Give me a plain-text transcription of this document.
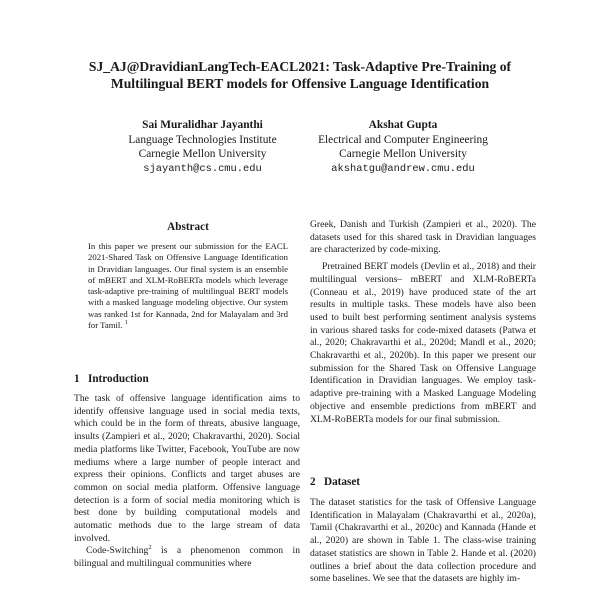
SJ_AJ@DravidianLangTech-EACL2021: Task-Adaptive Pre-Training of
Multilingual BERT models for Offensive Language Identification
Sai Muralidhar Jayanthi
Language Technologies Institute
Carnegie Mellon University
sjayanth@cs.cmu.edu
Akshat Gupta
Electrical and Computer Engineering
Carnegie Mellon University
akshatgu@andrew.cmu.edu
Abstract
In this paper we present our submission for the EACL 2021-Shared Task on Offensive Language Identification in Dravidian languages. Our final system is an ensemble of mBERT and XLM-RoBERTa models which leverage task-adaptive pre-training of multilingual BERT models with a masked language modeling objective. Our system was ranked 1st for Kannada, 2nd for Malayalam and 3rd for Tamil. $^1$
1   Introduction

The task of offensive language identification aims to identify offensive language used in social media texts, which could be in the form of threats, abusive language, insults (Zampieri et al., 2020; Chakravarthi, 2020). Social media platforms like Twitter, Facebook, YouTube are now mediums where a large number of people interact and express their opinions. Conflicts and target abuses are common on social media platform. Offensive language detection is a form of social media monitoring which is best done by building computational models and automatic methods due to the large stream of data involved.

Code-Switching$^2$ is a phenomenon common in bilingual and multilingual communities where

Greek, Danish and Turkish (Zampieri et al., 2020). The datasets used for this shared task in Dravidian languages are characterized by code-mixing.

Pretrained BERT models (Devlin et al., 2018) and their multilingual versions– mBERT and XLM-RoBERTa (Conneau et al., 2019) have produced state of the art results in multiple tasks. These models have also been used to built best performing sentiment analysis systems in various shared tasks for code-mixed datasets (Patwa et al., 2020; Chakravarthi et al., 2020d; Mandl et al., 2020; Chakravarthi et al., 2020b). In this paper we present our submission for the Shared Task on Offensive Language Identification in Dravidian languages. We employ task-adaptive pre-training with a Masked Language Modeling objective and ensemble predictions from mBERT and XLM-RoBERTa models for our final submission.

2   Dataset

The dataset statistics for the task of Offensive Language Identification in Malayalam (Chakravarthi et al., 2020a), Tamil (Chakravarthi et al., 2020c) and Kannada (Hande et al., 2020) are shown in Table 1. The class-wise training dataset statistics are shown in Table 2. Hande et al. (2020) outlines a brief about the data collection procedure and some baselines. We see that the datasets are highly im-
